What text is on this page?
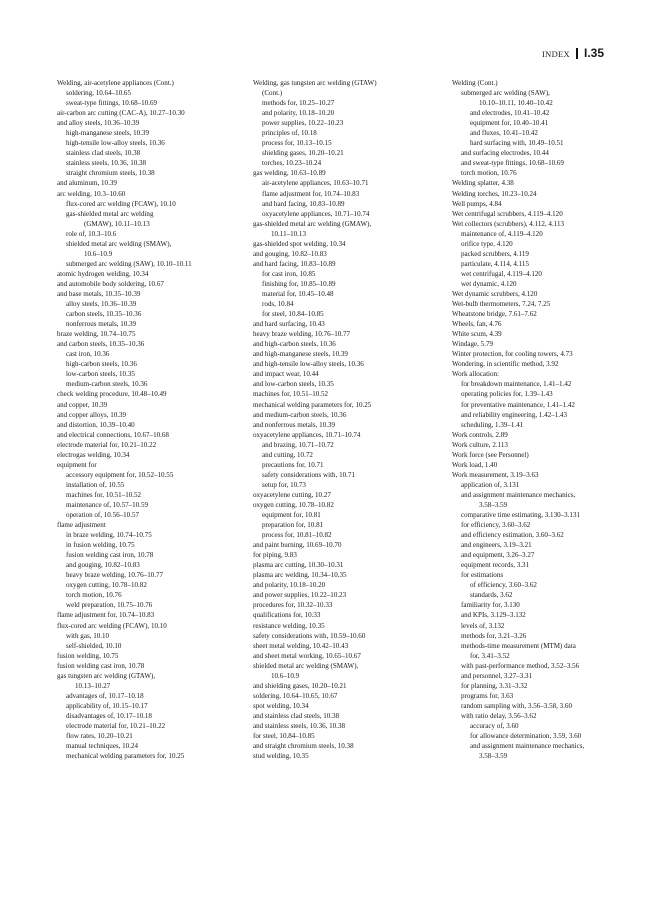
INDEX I.35
Welding, air-acetylene appliances (Cont.)
soldering, 10.64–10.65
sweat-type fittings, 10.68–10.69
air-carbon arc cutting (CAC-A), 10.27–10.30
and alloy steels, 10.36–10.39
high-manganese steels, 10.39
high-tensile low-alloy steels, 10.36
stainless clad steels, 10.38
stainless steels, 10.36, 10.38
straight chromium steels, 10.38
and aluminum, 10.39
arc welding, 10.3–10.60
flux-cored arc welding (FCAW), 10.10
gas-shielded metal arc welding
(GMAW), 10.11–10.13
role of, 10.3–10.6
shielded metal arc welding (SMAW),
10.6–10.9
submerged arc welding (SAW), 10.10–10.11
atomic hydrogen welding, 10.34
and automobile body soldering, 10.67
and base metals, 10.35–10.39
alloy steels, 10.36–10.39
carbon steels, 10.35–10.36
nonferrous metals, 10.39
braze welding, 10.74–10.75
and carbon steels, 10.35–10.36
cast iron, 10.36
high-carbon steels, 10.36
low-carbon steels, 10.35
medium-carbon steels, 10.36
check welding procedure, 10.48–10.49
and copper, 10.39
and copper alloys, 10.39
and distortion, 10.39–10.40
and electrical connections, 10.67–10.68
electrode material for, 10.21–10.22
electrogas welding, 10.34
equipment for
accessory equipment for, 10.52–10.55
installation of, 10.55
machines for, 10.51–10.52
maintenance of, 10.57–10.59
operation of, 10.56–10.57
flame adjustment
in braze welding, 10.74–10.75
in fusion welding, 10.75
fusion welding cast iron, 10.78
and gouging, 10.82–10.83
heavy braze welding, 10.76–10.77
oxygen cutting, 10.78–10.82
torch motion, 10.76
weld preparation, 10.75–10.76
flame adjustment for, 10.74–10.83
flux-cored arc welding (FCAW), 10.10
with gas, 10.10
self-shielded, 10.10
fusion welding, 10.75
fusion welding cast iron, 10.78
gas tungsten arc welding (GTAW),
10.13–10.27
advantages of, 10.17–10.18
applicability of, 10.15–10.17
disadvantages of, 10.17–10.18
electrode material for, 10.21–10.22
flow rates, 10.20–10.21
manual techniques, 10.24
mechanical welding parameters for, 10.25
Welding, gas tungsten arc welding (GTAW)
(Cont.)
methods for, 10.25–10.27
and polarity, 10.18–10.20
power supplies, 10.22–10.23
principles of, 10.18
process for, 10.13–10.15
shielding gases, 10.20–10.21
torches, 10.23–10.24
gas welding, 10.63–10.89
air-acetylene appliances, 10.63–10.71
flame adjustment for, 10.74–10.83
and hard facing, 10.83–10.89
oxyacetylene appliances, 10.71–10.74
gas-shielded metal arc welding (GMAW),
10.11–10.13
gas-shielded spot welding, 10.34
and gouging, 10.82–10.83
and hard facing, 10.83–10.89
for cast iron, 10.85
finishing for, 10.85–10.89
material for, 10.45–10.48
rods, 10.84
for steel, 10.84–10.85
and hard surfacing, 10.43
heavy braze welding, 10.76–10.77
and high-carbon steels, 10.36
and high-manganese steels, 10.39
and high-tensile low-alloy steels, 10.36
and impact wear, 10.44
and low-carbon steels, 10.35
machines for, 10.51–10.52
mechanical welding parameters for, 10.25
and medium-carbon steels, 10.36
and nonferrous metals, 10.39
oxyacetylene appliances, 10.71–10.74
and brazing, 10.71–10.72
and cutting, 10.72
precautions for, 10.71
safety considerations with, 10.71
setup for, 10.73
oxyacetylene cutting, 10.27
oxygen cutting, 10.78–10.82
equipment for, 10.81
preparation for, 10.81
process for, 10.81–10.82
and paint burning, 10.69–10.70
for piping, 9.83
plasma arc cutting, 10.30–10.31
plasma arc welding, 10.34–10.35
and polarity, 10.18–10.20
and power supplies, 10.22–10.23
procedures for, 10.32–10.33
qualifications for, 10.33
resistance welding, 10.35
safety considerations with, 10.59–10.60
sheet metal welding, 10.42–10.43
and sheet metal working, 10.65–10.67
shielded metal arc welding (SMAW),
10.6–10.9
and shielding gases, 10.20–10.21
soldering, 10.64–10.65, 10.67
spot welding, 10.34
and stainless clad steels, 10.38
and stainless steels, 10.36, 10.38
for steel, 10.84–10.85
and straight chromium steels, 10.38
stud welding, 10.35
Welding (Cont.)
submerged arc welding (SAW),
10.10–10.11, 10.40–10.42
and electrodes, 10.41–10.42
equipment for, 10.40–10.41
and fluxes, 10.41–10.42
hard surfacing with, 10.49–10.51
and surfacing electrodes, 10.44
and sweat-type fittings, 10.68–10.69
torch motion, 10.76
Welding splatter, 4.38
Welding torches, 10.23–10.24
Well pumps, 4.84
Wet centrifugal scrubbers, 4.119–4.120
Wet collectors (scrubbers), 4.112, 4.113
maintenance of, 4.119–4.120
orifice type, 4.120
packed scrubbers, 4.119
particulate, 4.114, 4.115
wet centrifugal, 4.119–4.120
wet dynamic, 4.120
Wet dynamic scrubbers, 4.120
Wet-bulb thermometers, 7.24, 7.25
Wheatstone bridge, 7.61–7.62
Wheels, fan, 4.76
White scum, 4.39
Windage, 5.79
Winter protection, for cooling towers, 4.73
Wondering, in scientific method, 3.92
Work allocation:
for breakdown maintenance, 1.41–1.42
operating policies for, 1.39–1.43
for preventative maintenance, 1.41–1.42
and reliability engineering, 1.42–1.43
scheduling, 1.39–1.41
Work controls, 2.89
Work culture, 2.113
Work force (see Personnel)
Work load, 1.40
Work measurement, 3.19–3.63
application of, 3.131
and assignment maintenance mechanics,
3.58–3.59
comparative time estimating, 3.130–3.131
for efficiency, 3.60–3.62
and efficiency estimation, 3.60–3.62
and engineers, 3.19–3.21
and equipment, 3.26–3.27
equipment records, 3.31
for estimations
of efficiency, 3.60–3.62
standards, 3.62
familiarity for, 3.130
and KPIs, 3.129–3.132
levels of, 3.132
methods for, 3.21–3.26
methods-time measurement (MTM) data
for, 3.41–3.52
with past-performance method, 3.52–3.56
and personnel, 3.27–3.31
for planning, 3.31–3.32
programs for, 3.63
random sampling with, 3.56–3.58, 3.60
with ratio delay, 3.56–3.62
accuracy of, 3.60
for allowance determination, 3.59, 3.60
and assignment maintenance mechanics,
3.58–3.59
